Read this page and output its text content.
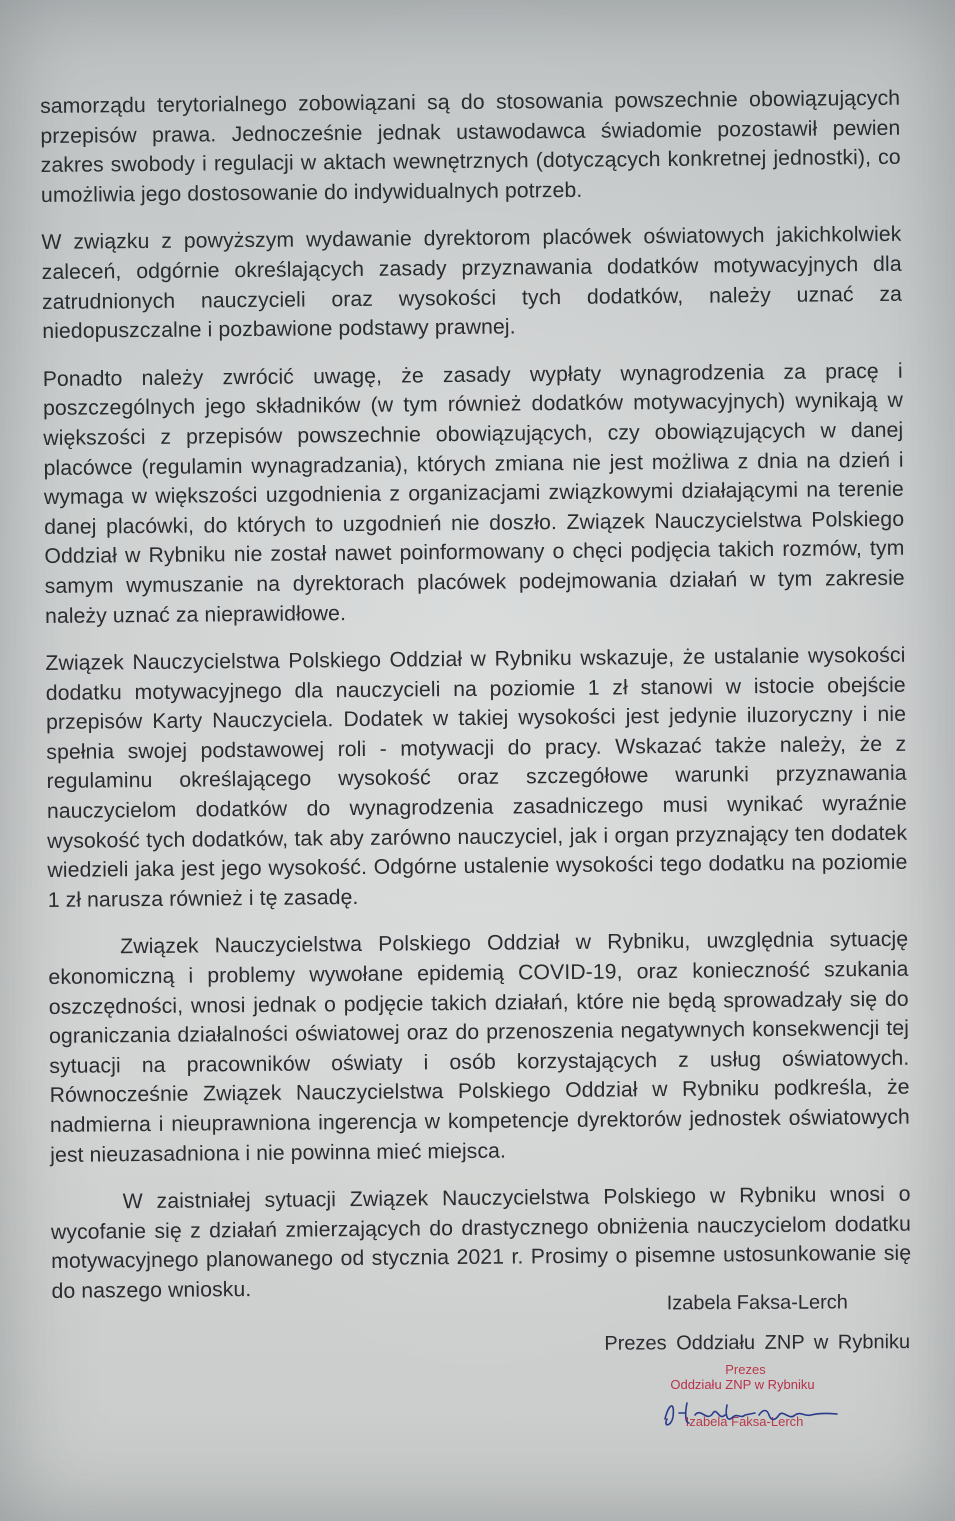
samorządu terytorialnego zobowiązani są do stosowania powszechnie obowiązujących przepisów prawa. Jednocześnie jednak ustawodawca świadomie pozostawił pewien zakres swobody i regulacji w aktach wewnętrznych (dotyczących konkretnej jednostki), co umożliwia jego dostosowanie do indywidualnych potrzeb.

W związku z powyższym wydawanie dyrektorom placówek oświatowych jakichkolwiek zaleceń, odgórnie określających zasady przyznawania dodatków motywacyjnych dla zatrudnionych nauczycieli oraz wysokości tych dodatków, należy uznać za niedopuszczalne i pozbawione podstawy prawnej.

Ponadto należy zwrócić uwagę, że zasady wypłaty wynagrodzenia za pracę i poszczególnych jego składników (w tym również dodatków motywacyjnych) wynikają w większości z przepisów powszechnie obowiązujących, czy obowiązujących w danej placówce (regulamin wynagradzania), których zmiana nie jest możliwa z dnia na dzień i wymaga w większości uzgodnienia z organizacjami związkowymi działającymi na terenie danej placówki, do których to uzgodnień nie doszło. Związek Nauczycielstwa Polskiego Oddział w Rybniku nie został nawet poinformowany o chęci podjęcia takich rozmów, tym samym wymuszanie na dyrektorach placówek podejmowania działań w tym zakresie należy uznać za nieprawidłowe.

Związek Nauczycielstwa Polskiego Oddział w Rybniku wskazuje, że ustalanie wysokości dodatku motywacyjnego dla nauczycieli na poziomie 1 zł stanowi w istocie obejście przepisów Karty Nauczyciela. Dodatek w takiej wysokości jest jedynie iluzoryczny i nie spełnia swojej podstawowej roli - motywacji do pracy. Wskazać także należy, że z regulaminu określającego wysokość oraz szczegółowe warunki przyznawania nauczycielom dodatków do wynagrodzenia zasadniczego musi wynikać wyraźnie wysokość tych dodatków, tak aby zarówno nauczyciel, jak i organ przyznający ten dodatek wiedzieli jaka jest jego wysokość. Odgórne ustalenie wysokości tego dodatku na poziomie 1 zł narusza również i tę zasadę.

Związek Nauczycielstwa Polskiego Oddział w Rybniku, uwzględnia sytuację ekonomiczną i problemy wywołane epidemią COVID-19, oraz konieczność szukania oszczędności, wnosi jednak o podjęcie takich działań, które nie będą sprowadzały się do ograniczania działalności oświatowej oraz do przenoszenia negatywnych konsekwencji tej sytuacji na pracowników oświaty i osób korzystających z usług oświatowych. Równocześnie Związek Nauczycielstwa Polskiego Oddział w Rybniku podkreśla, że nadmierna i nieuprawniona ingerencja w kompetencje dyrektorów jednostek oświatowych jest nieuzasadniona i nie powinna mieć miejsca.

W zaistniałej sytuacji Związek Nauczycielstwa Polskiego w Rybniku wnosi o wycofanie się z działań zmierzających do drastycznego obniżenia nauczycielom dodatku motywacyjnego planowanego od stycznia 2021 r. Prosimy o pisemne ustosunkowanie się do naszego wniosku.	Izabela Faksa-Lerch

Prezes Oddziału ZNP w Rybniku

Prezes

Oddziału ZNP w Rybniku

Izabela Faksa-Lerch
